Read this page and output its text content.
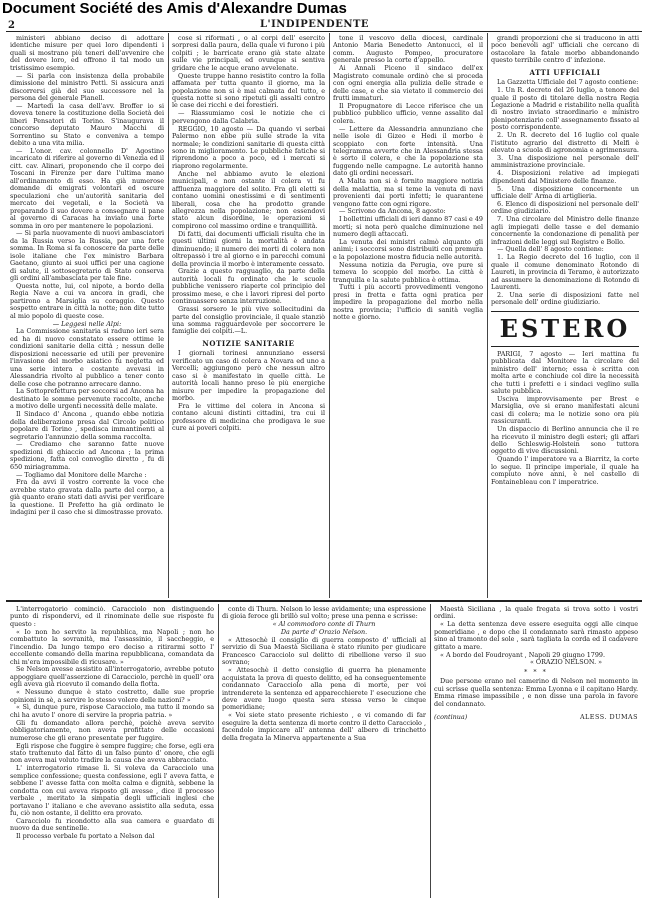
Document Société des Amis d'Alexandre Dumas
2	L'INDIPENDENTE

ministeri abbiano deciso di adottare identiche misure per quei loro dipendenti i quali si mostrano più teneri dell'avvenire che del dovere loro, ed offrono il tal modo un tristissimo esempio.

— Si parla con insistenza della probabile dimissione del ministro Pettì. Si assicura anzi discorrersi già del suo successore nel la persona del generale Pianell.

— Martedì la casa dell'avv. Broffer io si doveva tenere la costituzione della Società dei liberi Pensatori di Torino. S'inaugurava il concorso deputato Mauro Macchi di Sorrentino su Stato e conveniva a tempo debito a una vita milia.

— L'onor. cav. colonnello D' Agostino incaricato di riferire al governo di Venezia ed il citt. cav. Alinari, proponendo che il corpo dei Toscani in Firenze per dare l'ultima mano all'ordinamento di esso. Ha già numerose domande di emigrati volontari ed oscure speculazioni che un'autorità sanitaria del mercato dei vegetali, e la Società va preparando il suo dovere a consegnare il pane al governo di Caracas ha inviato una forte somma in oro per mantenere le popolazioni.

— Si parla nuovamente di nuovi ambasciatori da la Russia verso la Russia, per una forte somma. In Roma si fa conoscere da parte delle isole italiane che l'ex ministro Barbara Gaetano, giunto ai suoi uffici per una cagione di salute, il sottosegretario di Stato conserva gli ordini all'ambasciata per tale fine.

Questa notte, lui, col nipote, a bordo della Regia Nave a cui va ancora in gradi, che partirono a Marsiglia su coraggio. Questo sospetto entrare in città la notte; non dite tutto al mio popolo di queste cose.

— Leggesi nelle Alpi:

La Commissione sanitaria si raduno ieri sera ed ha di nuovo constatato essere ottime le condizioni sanitarie della città ; nessun delle disposizioni necessarie ed utili per prevenire l'invasione del morbo asiatico fu negletta ed una serie intera e costante avevasi in Alessandria rivolto al pubblico a tener conto delle cose che potranno arrecare danno.

La Sottoprefettura per soccorsi ad Ancona ha destinato le somme pervenute raccolte, anche a motivo delle urgenti necessità delle malate.

Il Sindaco d' Ancona , quando ebbe notizia della deliberazione presa dal Circolo politico popolare di Torino , spedisca immantinenti al segretario l'annunzio della somma raccolta.

— Crediamo che saranno fatte nuove spedizioni di ghiaccio ad Ancona ; la prima spedizione, fatta col convoglio diretto , fu di 650 miriagramma.

— Togliamo dal Monitore delle Marche :

Fra da avvi il vostro corrente la voce che avrebbe stato gravata dalla parte del corpo, a già quanto erano stati dati avvisi per verificare la questione. Il Prefetto ha già ordinato le indagini per il caso che si dimostrasse provato.

cose sì riformati , o al corpi dell' esercito sorpresi dalla paura, della quale vi furono i più colpiti ; le barricate erano già state alzate sulle vie principali, ed ovunque si sentiva gridare che le acque erano avvelenate.

Queste truppe hanno resistito contro la folla affamata per tutta quanto il giorno, ma la popolazione non si è mai calmata del tutto, e questa notte si sono ripetuti gli assalti contro le case dei ricchi e dei forestieri.

— Riassumiamo così le notizie che ci pervengono dalla Calabria.

REGGIO, 10 agosto — Da quando vi serbai Palermo non ebbe più sulle strade la vita normale; le condizioni sanitarie di questa città sono in miglioramento. Le pubbliche fatiche si riprendono a poco a poco, ed i mercati si riaprono regolarmente.

Anche nel abbiamo avuto le elezioni municipali, e non ostante il colera vi fu affluenza maggiore del solito. Fra gli eletti si contano uomini onestissimi e di sentimenti liberali, cosa che ha prodotto grande allegrezza nella popolazione; non essendovi stato alcun disordine, le operazioni si compirono col massimo ordine e tranquillità.

Di fatti, dai documenti ufficiali risulta che in questi ultimi giorni la mortalità è andata diminuendo; il numero dei morti di colera non oltrepassò i tre al giorno e in parecchi comuni della provincia il morbo è interamente cessato.

Grazie a questo ragguaglio, da parte della autorità locali fu ordinato che le scuole pubbliche venissero riaperte col principio del prossimo mese, e che i lavori ripresi del porto continuassero senza interruzione.

Grassi sorsero le più vive sollecitudini da parte del consiglio provinciale, il quale stanziò una somma ragguardevole per soccorrere le famiglie dei colpiti.—L.

NOTIZIE SANITARIE

I giornali torinesi annunziano essersi verificato un caso di colera a Novara ed uno a Vercelli; aggiungono però che nessun altro caso si è manifestato in quelle città. Le autorità locali hanno preso le più energiche misure per impedire la propagazione del morbo.

Fra le vittime del colera in Ancona si contano alcuni distinti cittadini, tra cui il professore di medicina che prodigava le sue cure ai poveri colpiti.

tone il vescovo della diocesi, cardinale Antonio Maria Benedetto Antonucci, el il comm. Augusto Pompeo, procuratore generale presso la corte d'appello.

Ai Annali Piceno il sindaco dell'ex Magistrato comunale ordinò che si proceda con ogni energia alla pulizia delle strade e delle case, e che sia vietato il commercio dei frutti immaturi.

Il Propugnatore di Lecce riferisce che un pubblico pubblico ufficio, venne assalito dal colera.

— Lettere da Alessandria annunziano che nelle isole di Gizeo e Hedi il morbo è scoppiato con forte intensità. Una telegramma avverte che in Alessandria stessa è sorto il colera, e che la popolazione sta fuggendo nelle campagne. Le autorità hanno dato gli ordini necessari.

A Malta non si è fornito maggiore notizia della malattia, ma si teme la venuta di navi provenienti dai porti infetti; le quarantene vengono fatte con ogni rigore.

— Scrivono da Ancona, 8 agosto:

I bollettini ufficiali di ieri danno 87 casi e 49 morti; si nota però qualche diminuzione nel numero degli attaccati.

La venuta dei ministri calmò alquanto gli animi; i soccorsi sono distribuiti con premura e la popolazione mostra fiducia nelle autorità.

Nessuna notizia da Perugia, ove pure si temeva lo scoppio del morbo. La città è tranquilla e la salute pubblica è ottima.

Tutti i più accorti provvedimenti vengono presi in fretta e fatta ogni pratica per impedire la propagazione del morbo nella nostra provincia; l'ufficio di sanità veglia notte e giorno.

grandi proporzioni che si traducono in atti poco benevoli agl' ufficiali che cercano di ostacolare la fatale morbo abbandonando questo terribile centro d' infezione.

ATTI UFFICIALI

La Gazzetta Ufficiale del 7 agosto contiene:

1. Un R. decreto del 26 luglio, a tenore del quale il posto di titolare della nostra Regia Legazione a Madrid e ristabilito nella qualità di nostro inviato straordinario e ministro plenipotenziario coll' assegnamento fissato al posto corrispondente.

2. Un R. decreto del 16 luglio col quale l'istituto agrario del distretto di Melfi è elevato a scuola di agronomia e agrimensura.

3. Una disposizione nel personale dell' amministrazione provinciale.

4. Disposizioni relative ad impiegati dipendenti dal Ministero delle finanze.

5. Una disposizione concernente un ufficiale dell' Arma di artiglieria.

6. Elenco di disposizioni nel personale dell' ordine giudiziario.

7. Una circolare del Ministro delle finanze agli impiegati delle tasse e del demanio concernente la condonazione di penalità per infrazioni delle leggi sul Registro e Bollo.

— Quella dell' 8 agosto contiene:

1. La Regio decreto del 16 luglio, con il quale il comune denominato Rotondo di Laureti, in provincia di Teramo, è autorizzato ad assumere la denominazione di Rotondo di Laurenti.

2. Una serie di disposizioni fatte nel personale dell' ordine giudiziario.

ESTERO

PARIGI, 7 agosto — Ieri mattina fu pubblicata dal Monitore la circolare del ministro dell' interno; essa è scritta con molta arte e conchiude col dire la necessità che tutti i prefetti e i sindaci veglino sulla salute pubblica.

Usciva improvvisamente per Brest e Marsiglia, ove si erano manifestati alcuni casi di colera; ma le notizie sono ora più rassicuranti.

Un dispaccio di Berlino annuncia che il re ha ricevuto il ministro degli esteri; gli affari dello Schleswig-Holstein sono tuttora oggetto di vive discussioni.

Quando l' imperatore va a Biarritz, la corte lo segue. Il principe imperiale, il quale ha compiuto nove anni, è nel castello di Fontainebleau con l' imperatrice.

L'interrogatorio cominciò. Caracciolo non distinguendo punto di rispondervi, ed il rinominate delle sue risposte fu questo :

« Io non ho servito la repubblica, ma Napoli ; non ho combattuto la sovranità, ma l'assassinio, il saccheggio, e l'incendio. Da lungo tempo ero deciso a ritirarmi sotto l' eccellente comando della marina repubblicana, comandata da chi m'era impossibile di ricusare. »

Se Nelson avesse assistito all'interrogatorio, avrebbe potuto appoggiare quell'asserzione di Caracciolo, perchè in quell' ora egli aveva già ricevuto il comando della flotta.

« Nessuno dunque è stato costretto, dalle sue proprie opinioni in sè, a servire lo stesso volere delle nazioni? »

« Sì, dunque pure, rispose Caracciolo, ma tutto il mondo sa chi ha avuto l' onore di servire la propria patria. »

Gli fu domandato allora perchè, poichè aveva servito obbligatoriamente, non aveva profittato delle occasioni numerose che gli erano presentate per fuggire.

Egli rispose che fuggire è sempre fuggire; che forse, egli era stato trattenuto dal fatto di un falso punto d' onore, che egli non aveva mai voluto tradire la causa che aveva abbracciato.

L' interrogatorio rimase lì. Si voleva da Caracciolo una semplice confessione; questa confessione, egli l' aveva fatta, e sebbene l' avesse fatta con molta calma e dignità, sebbene la condotta con cui aveva risposto gli avesse , dice il processo verbale , meritato la simpatia degli ufficiali inglesi che portavano l' italiano e che avevano assistito alla seduta, essa fu, ciò non ostante, il delitto era provato.

Caracciolo fu ricondotto alla sua camera e guardato di nuovo da due sentinelle.

Il processo verbale fu portato a Nelson dal

conte di Thurn. Nelson lo lesse avidamente; una espressione di gioia feroce gli brillò sul volto; prese una penna e scrisse:

« Al commodoro conte di Thurn

Da parte d' Orazio Nelson.

« Attesochè il consiglio di guerra composto d' ufficiali al servizio di Sua Maestà Siciliana è stato riunito per giudicare Francesco Caracciolo sul delitto di ribellione verso il suo sovrano;

« Attesochè il detto consiglio di guerra ha pienamente acquistata la prova di questo delitto, ed ha conseguentemente condannato Caracciolo alla pena di morte, per voi intrenderete la sentenza ed apparecchierete l' esecuzione che deve avere luogo questa sera stessa verso le cinque pomeridiane;

« Voi siete stato presente richiesto , e vi comando di far eseguire la detta sentenza di morte contro il detto Caracciolo , facendolo impiccare all' antenna dell' albero di trinchetto della fregata la Minerva appartenente a Sua

Maestà Siciliana , la quale fregata si trova sotto i vostri ordini.

« La detta sentenza deve essere eseguita oggi alle cinque pomeridiane , e dopo che il condannato sarà rimasto appeso sino al tramonto del sole , sarà tagliata la corda ed il cadavere gittato a mare.

« A bordo del Foudroyant , Napoli 29 giugno 1799.

« ORAZIO NELSON. »

* * *

Due persone erano nel camerino di Nelson nel momento in cui scrisse quella sentenza: Emma Lyonna e il capitano Hardy. Emma rimase impassibile , e non disse una parola in favore del condannato.

(continua)	ALESS. DUMAS
